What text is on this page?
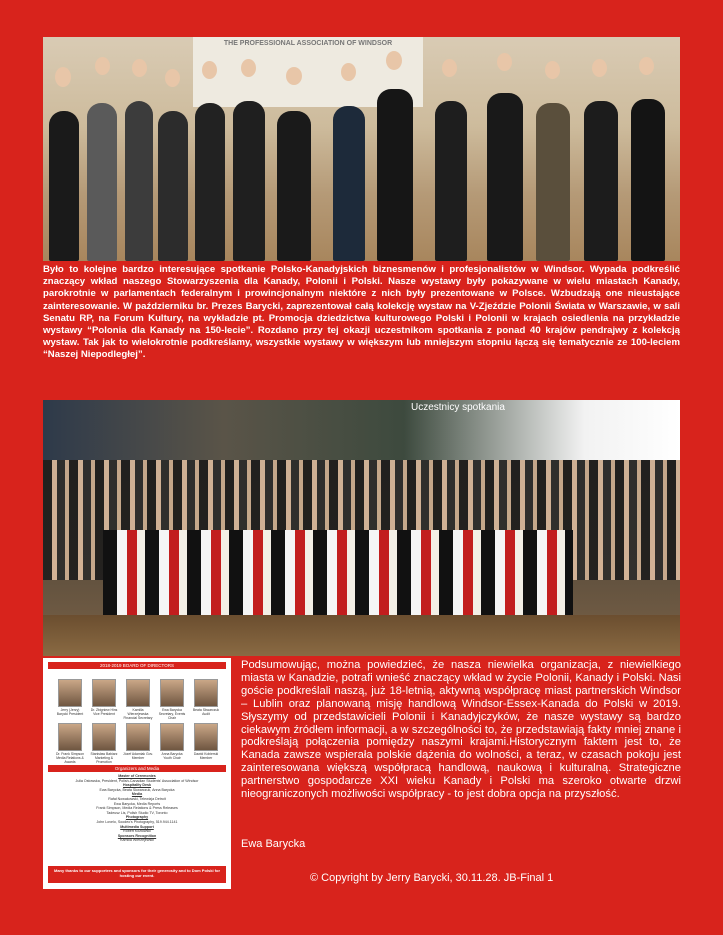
THE PROFESSIONAL ASSOCIATION OF WINDSOR

Było to kolejne bardzo interesujące spotkanie Polsko-Kanadyjskich biznesmenów i profesjonalistów w Windsor. Wypada podkreślić znaczący wkład naszego Stowarzyszenia dla Kanady, Polonii i Polski. Nasze wystawy były pokazywane w wielu miastach Kanady, parokrotnie w parlamentach federalnym i prowincjonalnym niektóre z nich były prezentowane w Polsce. Wzbudzają one nieustające zainteresowanie. W październiku br. Prezes Barycki, zaprezentował całą kolekcję wystaw na V-Zjeździe Polonii Świata w Warszawie, w sali Senatu RP, na Forum Kultury, na wykładzie pt. Promocja dziedzictwa kulturowego Polski i Polonii w krajach osiedlenia na przykładzie wystawy “Polonia dla Kanady na 150-lecie”. Rozdano przy tej okazji uczestnikom spotkania z ponad 40 krajów pendrajwy z kolekcją wystaw. Tak jak to wielokrotnie podkreślamy, wszystkie wystawy w większym lub mniejszym stopniu łączą się tematycznie ze 100-leciem “Naszej Niepodległej”.

Uczestnicy spotkania
2018-2019 BOARD OF DIRECTORS
Jerry (Jerzy) Barycki President
Dr. Zbigniew Hins Vice President
Kamilla Wierzejewska Financial Secretary
Ewa Barycka Secretary, Events Chair
Beata Skwarczuk Audit
Dr. Frank Simpson Media Relations & Awards
Stanisław Babiarz Marketing & Promotion
Józef Adamiak Gov. Member
Anna Barycka Youth Chair
Dawid Kobierski Member
Organizers and Media
Master of Ceremonies
Julia Ostowska, President, Polish-Canadian Students' Association of Windsor
Hospitality Desk
Ewa Barycka, Beata Skwarczuk, Anna Barycka
Media
Rafał Nowakowski, Telewizja Detroit
Ewa Barycka, Media Reports
Frank Simpson, Media Relations & Press Releases
Tadeusz Lis, Polish Studio TV, Toronto
Photography
John Lovelo, Soodeo's Photography, 519.944.1141
Multimedia Support
Robert Kozłowski
Sponsors Recognition
Kamilla Wierzejewski
Many thanks to our supporters and sponsors for their generosity and to Dom Polski for hosting our event.

Podsumowując, można powiedzieć, że nasza niewielka organizacja, z niewielkiego miasta w Kanadzie, potrafi wnieść znaczący wkład w życie Polonii, Kanady i Polski. Nasi goście podkreślali naszą, już 18-letnią, aktywną współpracę miast partnerskich Windsor – Lublin oraz planowaną misję handlową Windsor-Essex-Kanada do Polski w 2019. Słyszymy od przedstawicieli Polonii i Kanadyjczyków, że nasze wystawy są bardzo ciekawym źródłem informacji, a w szczególności to, że przedstawiają fakty mniej znane i podkreślają połączenia pomiędzy naszymi krajami.Historycznym faktem jest to, że Kanada zawsze wspierała polskie dążenia do wolności, a teraz, w czasach pokoju jest zainteresowana większą współpracą handlową, naukową i kulturalną. Strategiczne partnerstwo gospodarcze XXI wieku Kanady i Polski ma szeroko otwarte drzwi nieograniczonych możliwości współpracy - to jest dobra opcja na przyszłość.

Ewa Barycka
© Copyright by Jerry Barycki, 30.11.28. JB-Final 1
